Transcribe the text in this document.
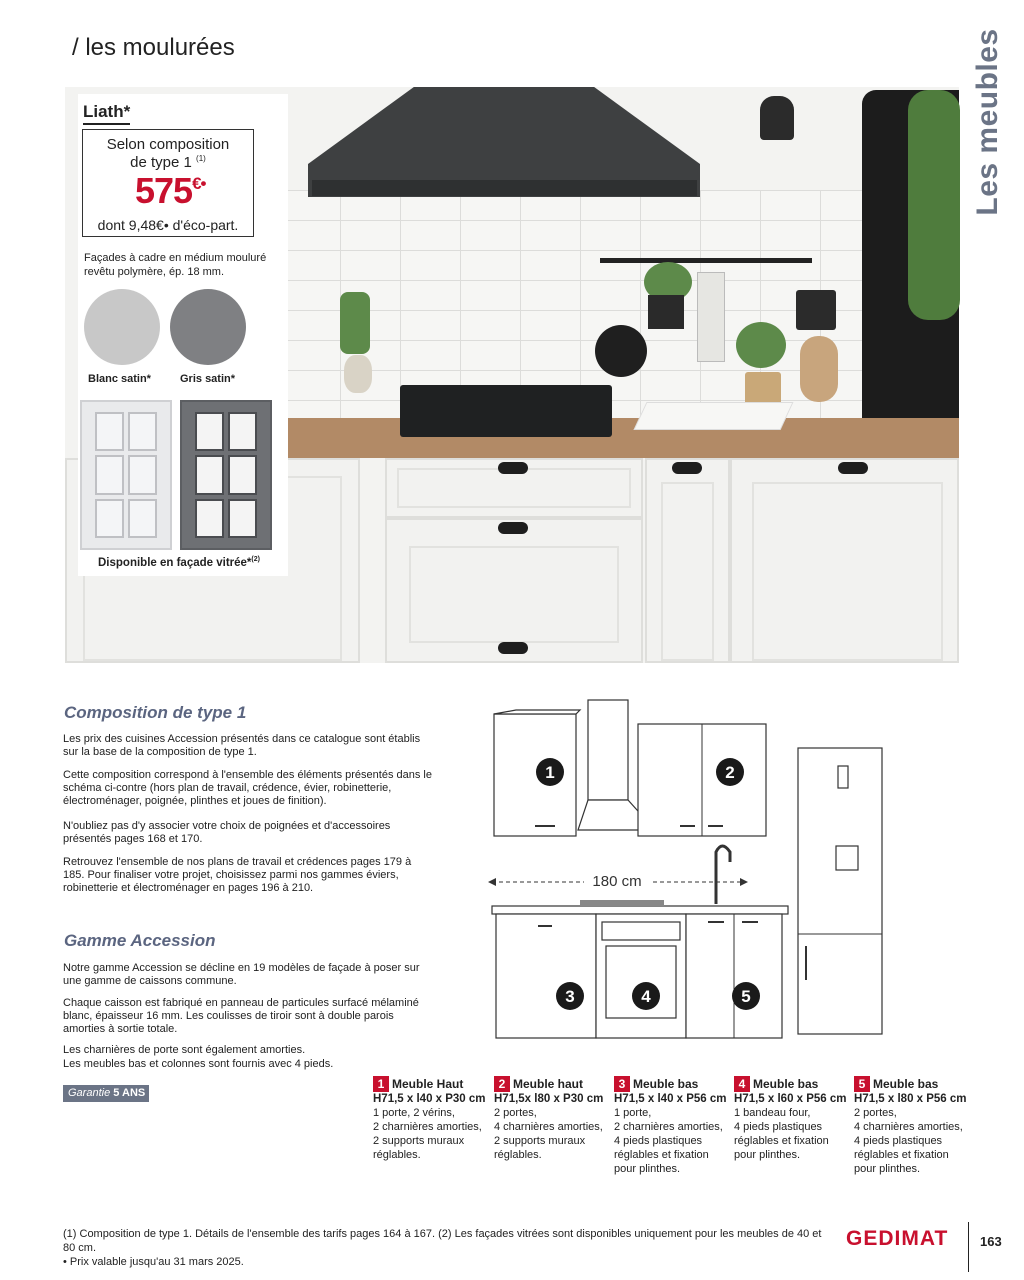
/ les moulurées	Les meubles
Liath*
Selon composition
de type 1 $^{(1)}$
575€•
dont 9,48€• d'éco-part.
Façades à cadre en médium mouluré revêtu polymère, ép. 18 mm.
Blanc satin*	Gris satin*
Disponible en façade vitrée*$^{(2)}$
Composition de type 1
Les prix des cuisines Accession présentés dans ce catalogue sont établis sur la base de la composition de type 1.
Cette composition correspond à l'ensemble des éléments présentés dans le schéma ci-contre (hors plan de travail, crédence, évier, robinetterie, électroménager, poignée, plinthes et joues de finition).
N'oubliez pas d'y associer votre choix de poignées et d'accessoires présentés pages 168 et 170.
Retrouvez l'ensemble de nos plans de travail et crédences pages 179 à 185. Pour finaliser votre projet, choisissez parmi nos gammes éviers, robinetterie et électroménager en pages 196 à 210.
Gamme Accession
Notre gamme Accession se décline en 19 modèles de façade à poser sur une gamme de caissons commune.
Chaque caisson est fabriqué en panneau de particules surfacé mélaminé blanc, épaisseur 16 mm. Les coulisses de tiroir sont à double parois amorties à sortie totale.
Les charnières de porte sont également amorties.
Les meubles bas et colonnes sont fournis avec 4 pieds.
Garantie 5 ANS
180 cm
1	2
3	4	5
1 Meuble Haut
H71,5 x l40 x P30 cm
1 porte, 2 vérins,
2 charnières amorties,
2 supports muraux
réglables.
2 Meuble haut
H71,5x l80 x P30 cm
2 portes,
4 charnières amorties,
2 supports muraux
réglables.
3 Meuble bas
H71,5 x l40 x P56 cm
1 porte,
2 charnières amorties,
4 pieds plastiques
réglables et fixation
pour plinthes.
4 Meuble bas
H71,5 x l60 x P56 cm
1 bandeau four,
4 pieds plastiques
réglables et fixation
pour plinthes.
5 Meuble bas
H71,5 x l80 x P56 cm
2 portes,
4 charnières amorties,
4 pieds plastiques
réglables et fixation
pour plinthes.
(1) Composition de type 1. Détails de l'ensemble des tarifs pages 164 à 167. (2) Les façades vitrées sont disponibles uniquement pour les meubles de 40 et 80 cm.
• Prix valable jusqu'au 31 mars 2025.
GEDIMAT 163
